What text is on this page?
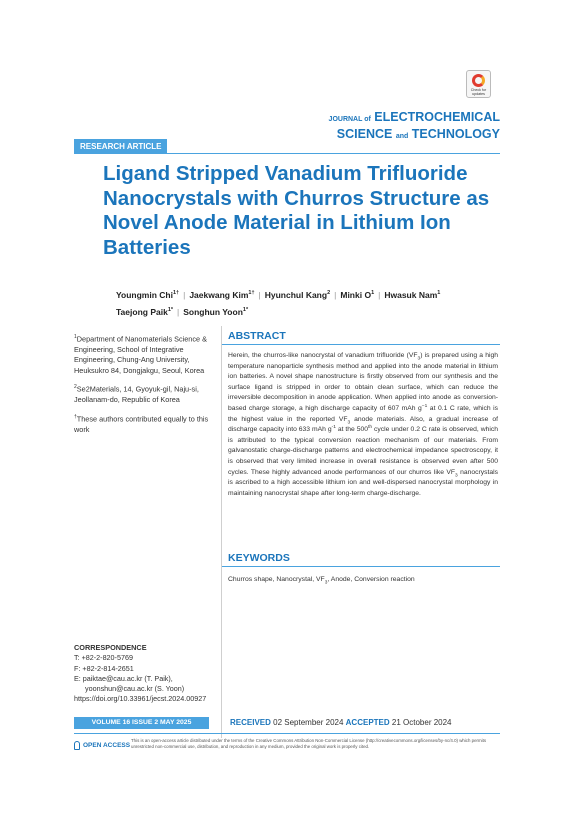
Check for updates
JOURNAL of ELECTROCHEMICAL
SCIENCE and TECHNOLOGY
RESEARCH ARTICLE
Ligand Stripped Vanadium Trifluoride Nanocrystals with Churros Structure as Novel Anode Material in Lithium Ion Batteries
Youngmin Chi$^{1\dagger}$ | Jaekwang Kim$^{1\dagger}$ | Hyunchul Kang$^2$ | Minki $O^1$ | Hwasuk Nam$^1$
Taejong Paik$^{1*}$ | Songhun Yoon$^{1*}$

$^1$Department of Nanomaterials Science & Engineering, School of Integrative Engineering, Chung-Ang University, Heuksukro 84, Dongjakgu, Seoul, Korea

$^2$Se2Materials, 14, Gyoyuk-gil, Naju-si, Jeollanam-do, Republic of Korea

†These authors contributed equally to this work

CORRESPONDENCE
T: +82-2-820-5769
F: +82-2-814-2651
E: paiktae@cau.ac.kr (T. Paik),
yoonshun@cau.ac.kr (S. Yoon)
https://doi.org/10.33961/jecst.2024.00927
ABSTRACT
Herein, the churros-like nanocrystal of vanadium trifluoride $(VF_3)$ is prepared using a high temperature nanoparticle synthesis method and applied into the anode material in lithium ion batteries. A novel shape nanostructure is firstly observed from our synthesis and the surface ligand is stripped in order to obtain clean surface, which can reduce the irreversible decomposition in anode application. When applied into anode as conversion-based charge storage, a high discharge capacity of 607 mAh $g^{-1}$ at 0.1 C rate, which is the highest value in the reported $VF_3$ anode materials. Also, a gradual increase of discharge capacity into 633 mAh $g^{-1}$ at the 500th cycle under 0.2 C rate is observed, which is attributed to the typical conversion reaction mechanism of our materials. From galvanostatic charge-discharge patterns and electrochemical impedance spectroscopy, it is observed that very limited increase in overall resistance is observed even after 500 cycles. These highly advanced anode performances of our churros like $VF_3$ nanocrystals is ascribed to a high accessible lithium ion and well-dispersed nanocrystal morphology in maintaining nanocrystal shape after long-term charge-discharge.
KEYWORDS
Churros shape, Nanocrystal, $VF_3$, Anode, Conversion reaction
VOLUME 16 ISSUE 2 MAY 2025	RECEIVED 02 September 2024 ACCEPTED 21 October 2024
OPEN ACCESS
This is an open-access article distributed under the terms of the Creative Commons Attribution Non-Commercial License (http://creativecommons.org/licenses/by-nc/4.0) which permits unrestricted non-commercial use, distribution, and reproduction in any medium, provided the original work is properly cited.
